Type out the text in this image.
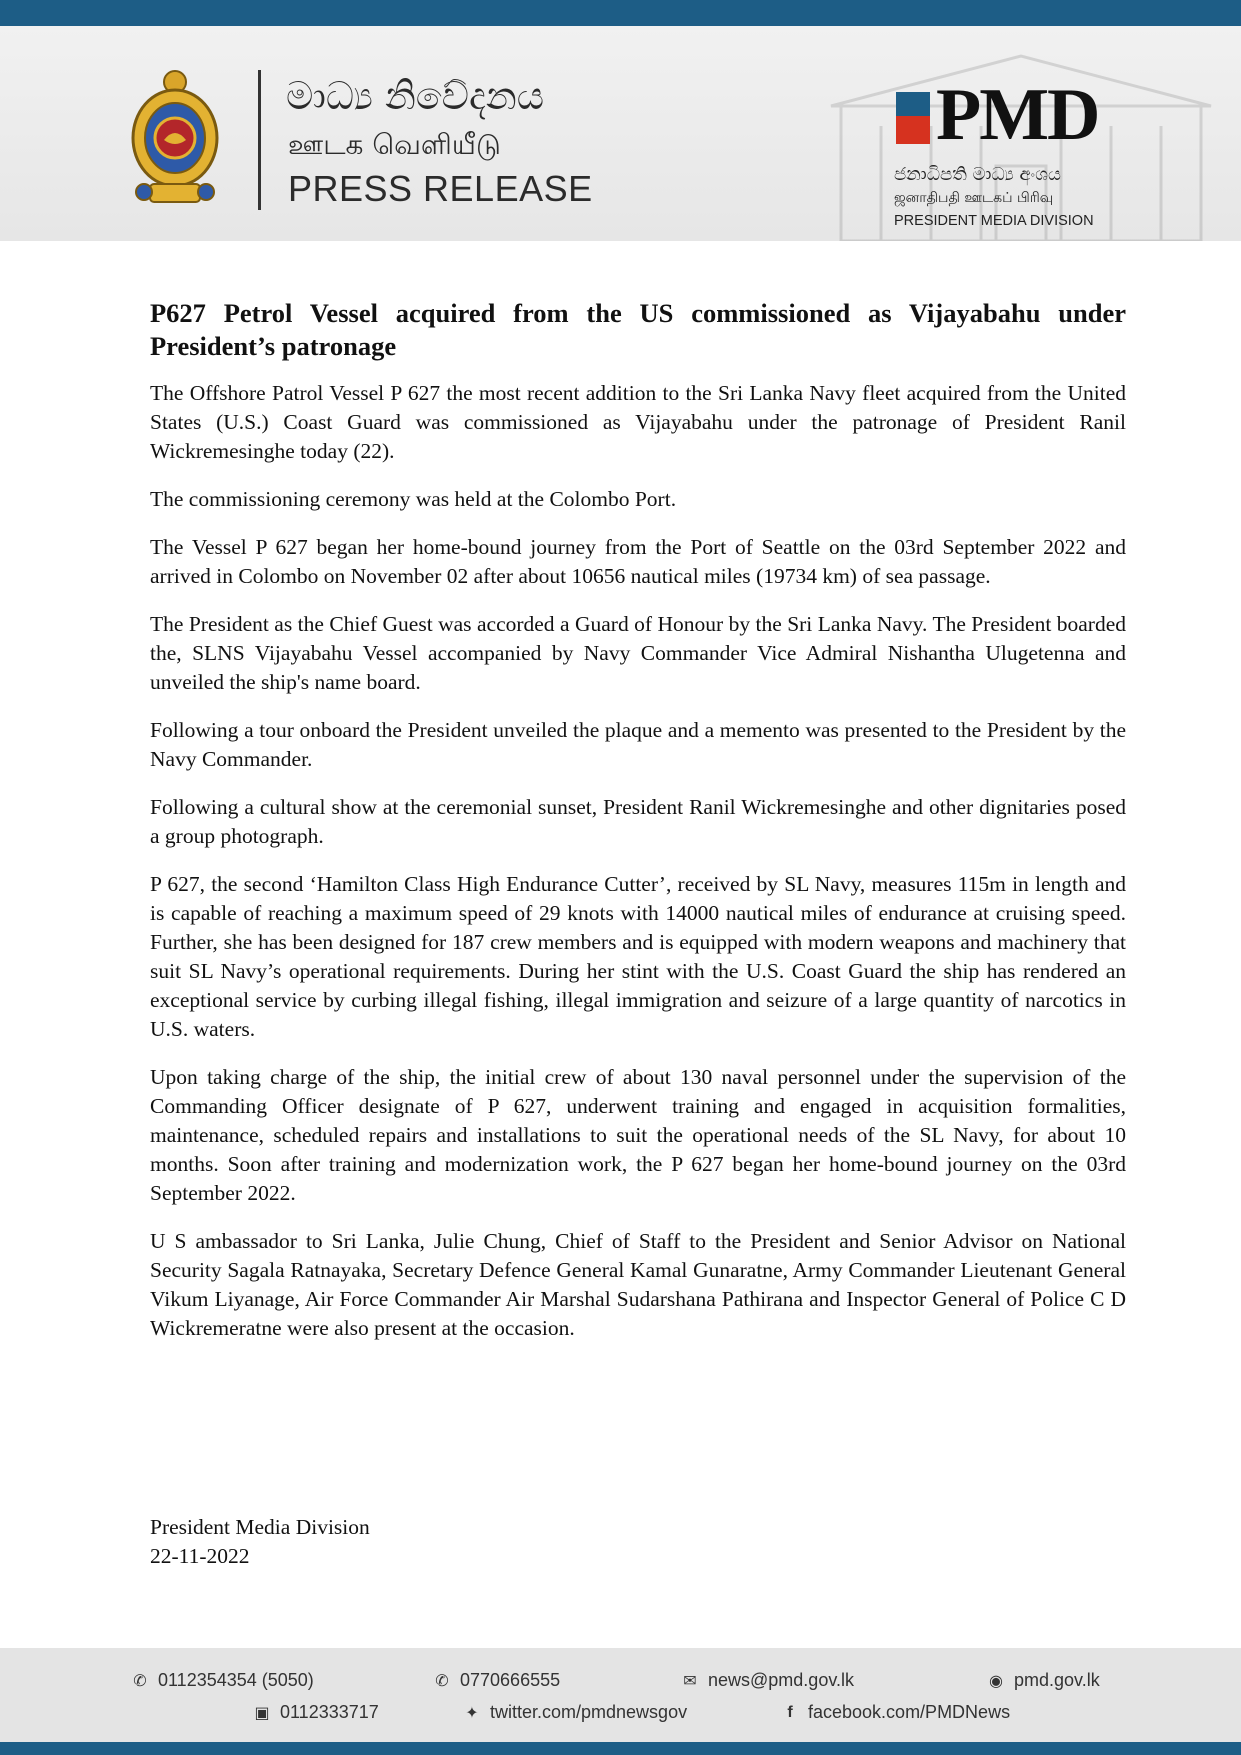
මාධ්‍ය නිවේදනය
ஊடக வெளியீடு
PRESS RELEASE
PMD
ජනාධිපති මාධ්‍ය අංශය
ஜனாதிபதி ஊடகப் பிரிவு
PRESIDENT MEDIA DIVISION
P627 Petrol Vessel acquired from the US commissioned as Vijayabahu under President’s patronage

The Offshore Patrol Vessel P 627 the most recent addition to the Sri Lanka Navy fleet acquired from the United States (U.S.) Coast Guard was commissioned as Vijayabahu under the patronage of President Ranil Wickremesinghe today (22).

The commissioning ceremony was held at the Colombo Port.

The Vessel P 627 began her home-bound journey from the Port of Seattle on the 03rd September 2022 and arrived in Colombo on November 02 after about 10656 nautical miles (19734 km) of sea passage.

The President as the Chief Guest was accorded a Guard of Honour by the Sri Lanka Navy. The President boarded the, SLNS Vijayabahu Vessel accompanied by Navy Commander Vice Admiral Nishantha Ulugetenna and unveiled the ship's name board.

Following a tour onboard the President unveiled the plaque and a memento was presented to the President by the Navy Commander.

Following a cultural show at the ceremonial sunset, President Ranil Wickremesinghe and other dignitaries posed a group photograph.

P 627, the second ‘Hamilton Class High Endurance Cutter’, received by SL Navy, measures 115m in length and is capable of reaching a maximum speed of 29 knots with 14000 nautical miles of endurance at cruising speed. Further, she has been designed for 187 crew members and is equipped with modern weapons and machinery that suit SL Navy’s operational requirements. During her stint with the U.S. Coast Guard the ship has rendered an exceptional service by curbing illegal fishing, illegal immigration and seizure of a large quantity of narcotics in U.S. waters.

Upon taking charge of the ship, the initial crew of about 130 naval personnel under the supervision of the Commanding Officer designate of P 627, underwent training and engaged in acquisition formalities, maintenance, scheduled repairs and installations to suit the operational needs of the SL Navy, for about 10 months. Soon after training and modernization work, the P 627 began her home-bound journey on the 03rd September 2022.

U S ambassador to Sri Lanka, Julie Chung, Chief of Staff to the President and Senior Advisor on National Security Sagala Ratnayaka, Secretary Defence General Kamal Gunaratne, Army Commander Lieutenant General Vikum Liyanage, Air Force Commander Air Marshal Sudarshana Pathirana and Inspector General of Police C D Wickremeratne were also present at the occasion.

President Media Division
22-11-2022
✆ 0112354354 (5050)	✆ 0770666555	✉ news@pmd.gov.lk	◉ pmd.gov.lk
▣ 0112333717	✦ twitter.com/pmdnewsgov	f facebook.com/PMDNews
